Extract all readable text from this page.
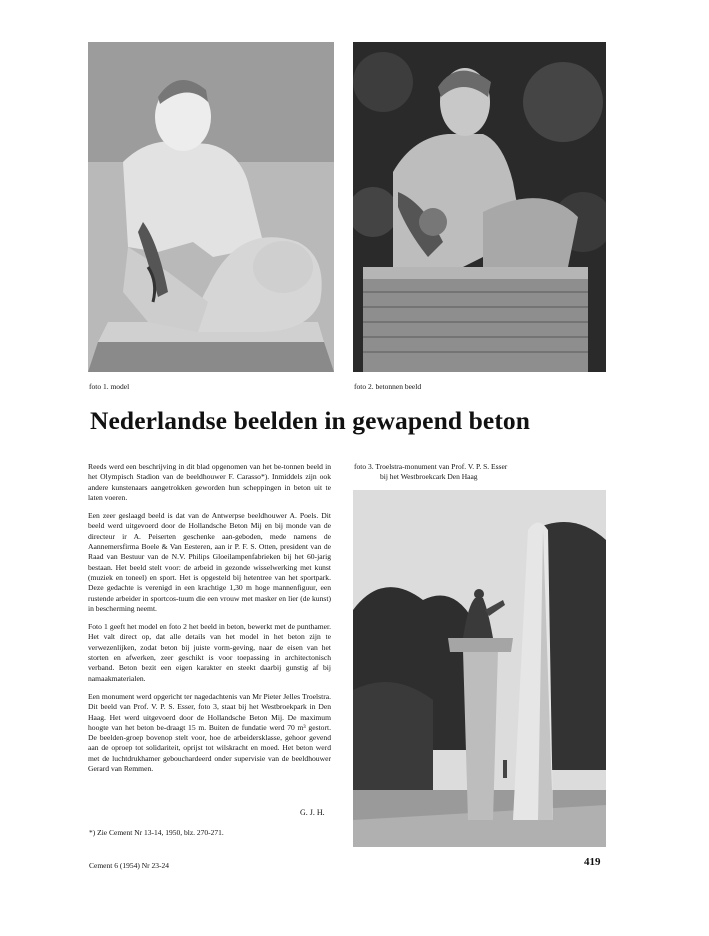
foto 1. model	foto 2. betonnen beeld
Nederlandse beelden in gewapend beton

Reeds werd een beschrijving in dit blad opgenomen van het be-tonnen beeld in het Olympisch Stadion van de beeldhouwer F. Carasso*). Inmiddels zijn ook andere kunstenaars aangetrokken geworden hun scheppingen in beton uit te laten voeren.

Een zeer geslaagd beeld is dat van de Antwerpse beeldhouwer A. Poels. Dit beeld werd uitgevoerd door de Hollandsche Beton Mij en bij monde van de directeur ir A. Peiserten geschenke aan-geboden, mede namens de Aannemersfirma Boele & Van Eesteren, aan ir P. F. S. Otten, president van de Raad van Bestuur van de N.V. Philips Gloeilampenfabrieken bij het 60-jarig bestaan. Het beeld stelt voor: de arbeid in gezonde wisselwerking met kunst (muziek en toneel) en sport. Het is opgesteld bij hetentree van het sportpark. Deze gedachte is verenigd in een krachtige 1,30 m hoge mannenfiguur, een rustende arbeider in sportcos-tuum die een vrouw met masker en lier (de kunst) in bescherming neemt.

Foto 1 geeft het model en foto 2 het beeld in beton, bewerkt met de punthamer. Het valt direct op, dat alle details van het model in het beton zijn te verwezenlijken, zodat beton bij juiste vorm-geving, naar de eisen van het storten en afwerken, zeer geschikt is voor toepassing in architectonisch verband. Beton bezit een eigen karakter en steekt daarbij gunstig af bij namaakmaterialen.

Een monument werd opgericht ter nagedachtenis van Mr Pieter Jelles Troelstra. Dit beeld van Prof. V. P. S. Esser, foto 3, staat bij het Westbroekpark in Den Haag. Het werd uitgevoerd door de Hollandsche Beton Mij. De maximum hoogte van het beton be-draagt 15 m. Buiten de fundatie werd 70 m³ gestort. De beelden-groep bovenop stelt voor, hoe de arbeidersklasse, gehoor gevend aan de oproep tot solidariteit, oprijst tot wilskracht en moed. Het beton werd met de luchtdrukhamer gebouchardeerd onder supervisie van de beeldhouwer Gerard van Remmen.

G. J. H.
*) Zie Cement Nr 13-14, 1950, blz. 270-271.
foto 3. Troelstra-monument van Prof. V. P. S. Esser
bij het Westbroekcark Den Haag
Cement 6 (1954) Nr 23-24	419
